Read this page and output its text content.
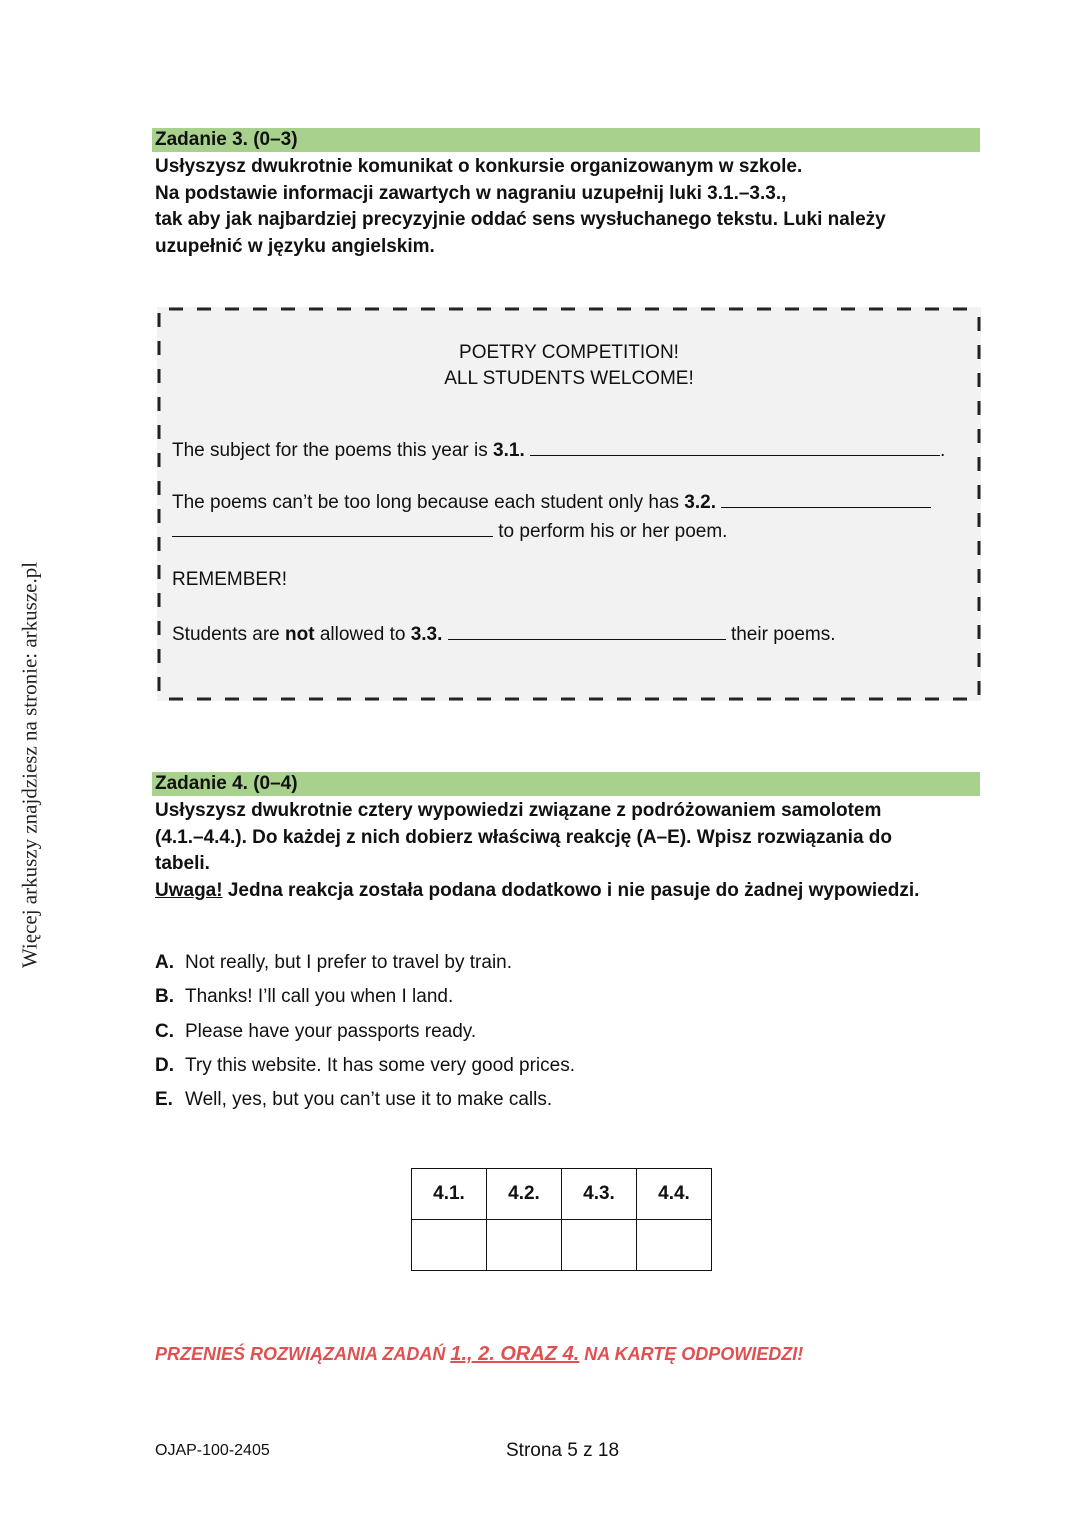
Więcej arkuszy znajdziesz na stronie: arkusze.pl
Zadanie 3. (0–3)
Usłyszysz dwukrotnie komunikat o konkursie organizowanym w szkole.
Na podstawie informacji zawartych w nagraniu uzupełnij luki 3.1.–3.3.,
tak aby jak najbardziej precyzyjnie oddać sens wysłuchanego tekstu. Luki należy
uzupełnić w języku angielskim.
POETRY COMPETITION!
ALL STUDENTS WELCOME!
The subject for the poems this year is 3.1.	.
The poems can’t be too long because each student only has 3.2.
to perform his or her poem.
REMEMBER!
Students are not allowed to 3.3.	their poems.
Zadanie 4. (0–4)
Usłyszysz dwukrotnie cztery wypowiedzi związane z podróżowaniem samolotem
(4.1.–4.4.). Do każdej z nich dobierz właściwą reakcję (A–E). Wpisz rozwiązania do
tabeli.
Uwaga! Jedna reakcja została podana dodatkowo i nie pasuje do żadnej wypowiedzi.
A. Not really, but I prefer to travel by train.
B. Thanks! I’ll call you when I land.
C. Please have your passports ready.
D. Try this website. It has some very good prices.
E. Well, yes, but you can’t use it to make calls.
4.1.	4.2.	4.3.	4.4.

PRZENIEŚ ROZWIĄZANIA ZADAŃ 1., 2. ORAZ 4. NA KARTĘ ODPOWIEDZI!
OJAP-100-2405	Strona 5 z 18
